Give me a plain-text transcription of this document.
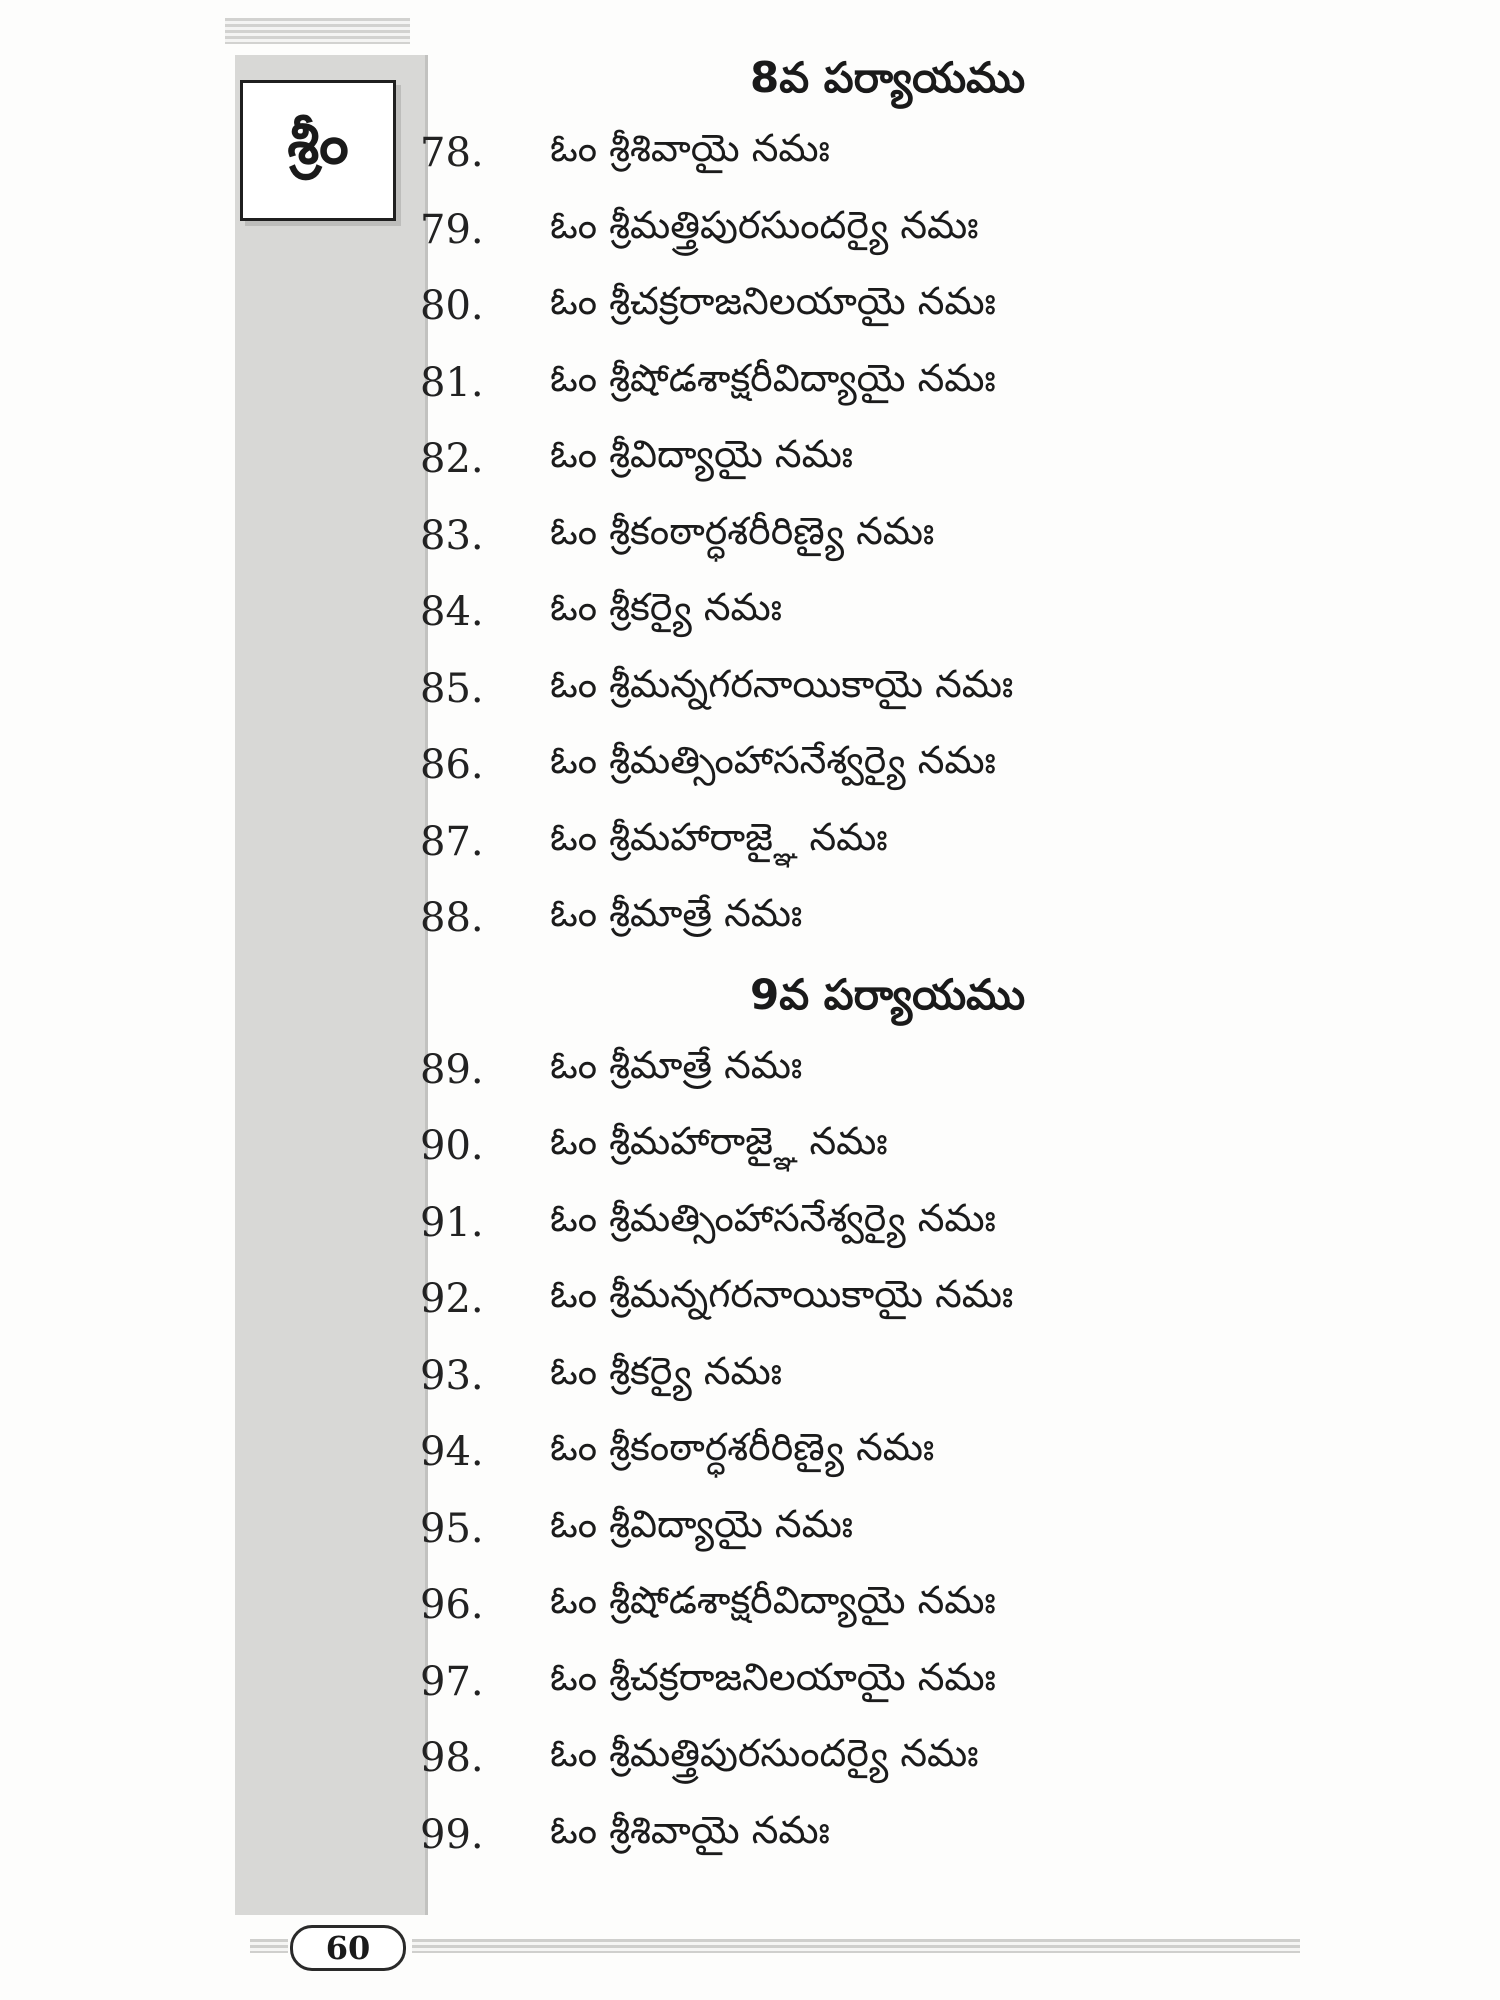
శ్రీం
8వ పర్యాయము
78.	ఓం శ్రీశివాయై నమః
79.	ఓం శ్రీమత్త్రిపురసుందర్యై నమః
80.	ఓం శ్రీచక్రరాజనిలయాయై నమః
81.	ఓం శ్రీషోడశాక్షరీవిద్యాయై నమః
82.	ఓం శ్రీవిద్యాయై నమః
83.	ఓం శ్రీకంఠార్ధశరీరిణ్యై నమః
84.	ఓం శ్రీకర్యై నమః
85.	ఓం శ్రీమన్నగరనాయికాయై నమః
86.	ఓం శ్రీమత్సింహాసనేశ్వర్యై నమః
87.	ఓం శ్రీమహారాజ్ఞై నమః
88.	ఓం శ్రీమాత్రే నమః
9వ పర్యాయము
89.	ఓం శ్రీమాత్రే నమః
90.	ఓం శ్రీమహారాజ్ఞై నమః
91.	ఓం శ్రీమత్సింహాసనేశ్వర్యై నమః
92.	ఓం శ్రీమన్నగరనాయికాయై నమః
93.	ఓం శ్రీకర్యై నమః
94.	ఓం శ్రీకంఠార్ధశరీరిణ్యై నమః
95.	ఓం శ్రీవిద్యాయై నమః
96.	ఓం శ్రీషోడశాక్షరీవిద్యాయై నమః
97.	ఓం శ్రీచక్రరాజనిలయాయై నమః
98.	ఓం శ్రీమత్త్రిపురసుందర్యై నమః
99.	ఓం శ్రీశివాయై నమః
60
